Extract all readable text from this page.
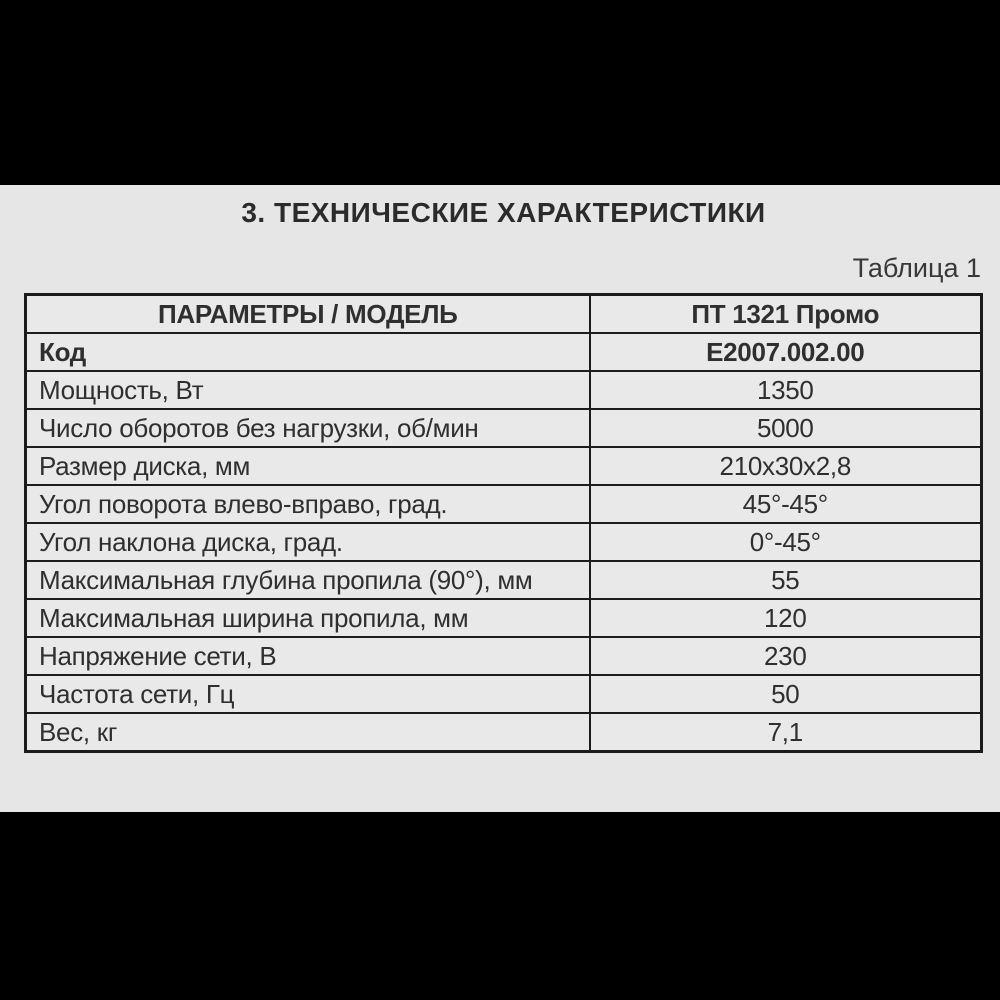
3. ТЕХНИЧЕСКИЕ ХАРАКТЕРИСТИКИ
Таблица 1
ПАРАМЕТРЫ / МОДЕЛЬ	ПТ 1321 Промо
Код	Е2007.002.00
Мощность, Вт	1350
Число оборотов без нагрузки, об/мин	5000
Размер диска, мм	210х30х2,8
Угол поворота влево-вправо, град.	45°-45°
Угол наклона диска, град.	0°-45°
Максимальная глубина пропила (90°), мм	55
Максимальная ширина пропила, мм	120
Напряжение сети, В	230
Частота сети, Гц	50
Вес, кг	7,1
